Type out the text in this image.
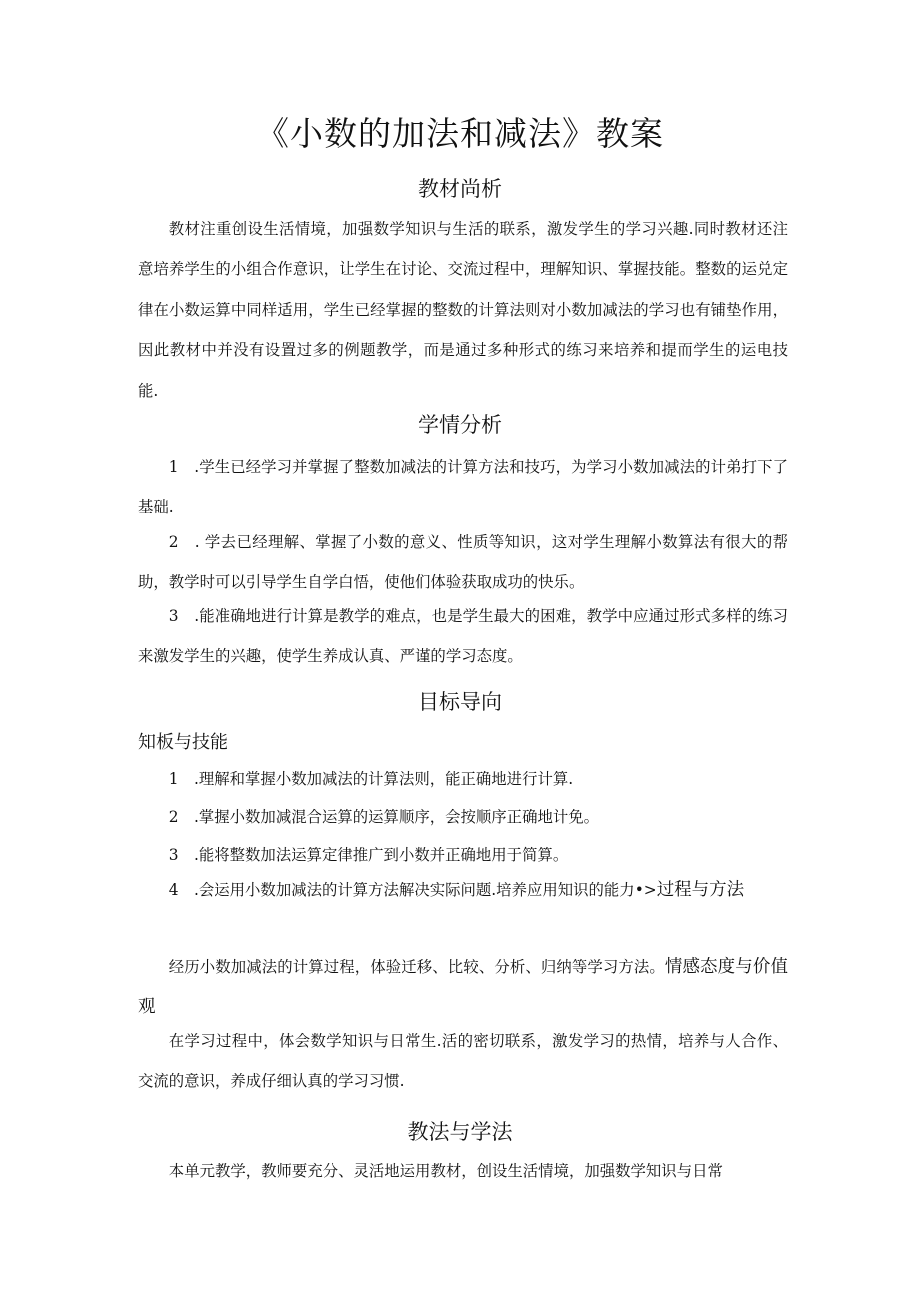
《小数的加法和减法》教案
教材尚析

教材注重创设生活情境，加强数学知识与生活的联系，激发学生的学习兴趣.同时教材还注意培养学生的小组合作意识，让学生在讨论、交流过程中，理解知识、掌握技能。整数的运兑定律在小数运算中同样适用，学生已经掌握的整数的计算法则对小数加减法的学习也有铺垫作用，因此教材中并没有设置过多的例题教学，而是通过多种形式的练习来培养和提而学生的运电技能.

学情分析

1　.学生已经学习并掌握了整数加减法的计算方法和技巧，为学习小数加减法的计弟打下了基础.

2　. 学去已经理解、掌握了小数的意义、性质等知识，这对学生理解小数算法有很大的帮助，教学时可以引导学生自学白悟，使他们体验获取成功的快乐。

3　.能准确地进行计算是教学的难点，也是学生最大的困难，教学中应通过形式多样的练习来激发学生的兴趣，使学生养成认真、严谨的学习态度。

目标导向
知板与技能

1　.理解和掌握小数加减法的计算法则，能正确地进行计算.

2　.掌握小数加减混合运算的运算顺序，会按顺序正确地计免。

3　.能将整数加法运算定律推广到小数并正确地用于简算。

4　.会运用小数加减法的计算方法解决实际问题.培养应用知识的能力•>过程与方法

经历小数加减法的计算过程，体验迁移、比较、分析、归纳等学习方法。情感态度与价值观

在学习过程中，体会数学知识与日常生.活的密切联系，激发学习的热情，培养与人合作、交流的意识，养成仔细认真的学习习惯.

教法与学法

本单元教学，教师要充分、灵活地运用教材，创设生活情境，加强数学知识与日常
